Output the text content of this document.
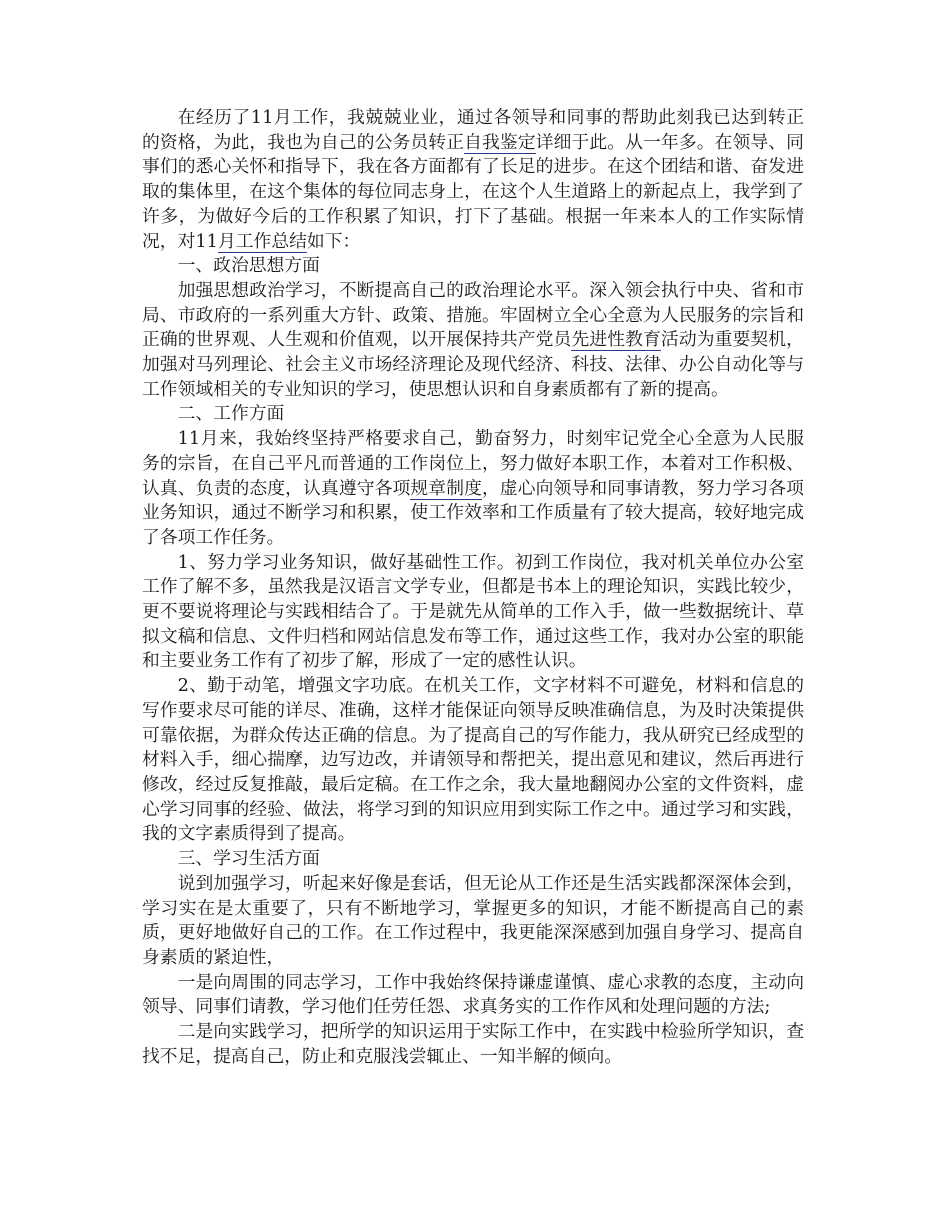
在经历了11月工作，我兢兢业业，通过各领导和同事的帮助此刻我已达到转正的资格，为此，我也为自己的公务员转正自我鉴定详细于此。从一年多。在领导、同事们的悉心关怀和指导下，我在各方面都有了长足的进步。在这个团结和谐、奋发进取的集体里，在这个集体的每位同志身上，在这个人生道路上的新起点上，我学到了许多，为做好今后的工作积累了知识，打下了基础。根据一年来本人的工作实际情况，对11月工作总结如下：

一、政治思想方面

加强思想政治学习，不断提高自己的政治理论水平。深入领会执行中央、省和市局、市政府的一系列重大方针、政策、措施。牢固树立全心全意为人民服务的宗旨和正确的世界观、人生观和价值观，以开展保持共产党员先进性教育活动为重要契机，加强对马列理论、社会主义市场经济理论及现代经济、科技、法律、办公自动化等与工作领域相关的专业知识的学习，使思想认识和自身素质都有了新的提高。

二、工作方面

11月来，我始终坚持严格要求自己，勤奋努力，时刻牢记党全心全意为人民服务的宗旨，在自己平凡而普通的工作岗位上，努力做好本职工作，本着对工作积极、认真、负责的态度，认真遵守各项规章制度，虚心向领导和同事请教，努力学习各项业务知识，通过不断学习和积累，使工作效率和工作质量有了较大提高，较好地完成了各项工作任务。

1、努力学习业务知识，做好基础性工作。初到工作岗位，我对机关单位办公室工作了解不多，虽然我是汉语言文学专业，但都是书本上的理论知识，实践比较少，更不要说将理论与实践相结合了。于是就先从简单的工作入手，做一些数据统计、草拟文稿和信息、文件归档和网站信息发布等工作，通过这些工作，我对办公室的职能和主要业务工作有了初步了解，形成了一定的感性认识。

2、勤于动笔，增强文字功底。在机关工作，文字材料不可避免，材料和信息的写作要求尽可能的详尽、准确，这样才能保证向领导反映准确信息，为及时决策提供可靠依据，为群众传达正确的信息。为了提高自己的写作能力，我从研究已经成型的材料入手，细心揣摩，边写边改，并请领导和帮把关，提出意见和建议，然后再进行修改，经过反复推敲，最后定稿。在工作之余，我大量地翻阅办公室的文件资料，虚心学习同事的经验、做法，将学习到的知识应用到实际工作之中。通过学习和实践，我的文字素质得到了提高。

三、学习生活方面

说到加强学习，听起来好像是套话，但无论从工作还是生活实践都深深体会到，学习实在是太重要了，只有不断地学习，掌握更多的知识，才能不断提高自己的素质，更好地做好自己的工作。在工作过程中，我更能深深感到加强自身学习、提高自身素质的紧迫性，

一是向周围的同志学习，工作中我始终保持谦虚谨慎、虚心求教的态度，主动向领导、同事们请教，学习他们任劳任怨、求真务实的工作作风和处理问题的方法;

二是向实践学习，把所学的知识运用于实际工作中，在实践中检验所学知识，查找不足，提高自己，防止和克服浅尝辄止、一知半解的倾向。
